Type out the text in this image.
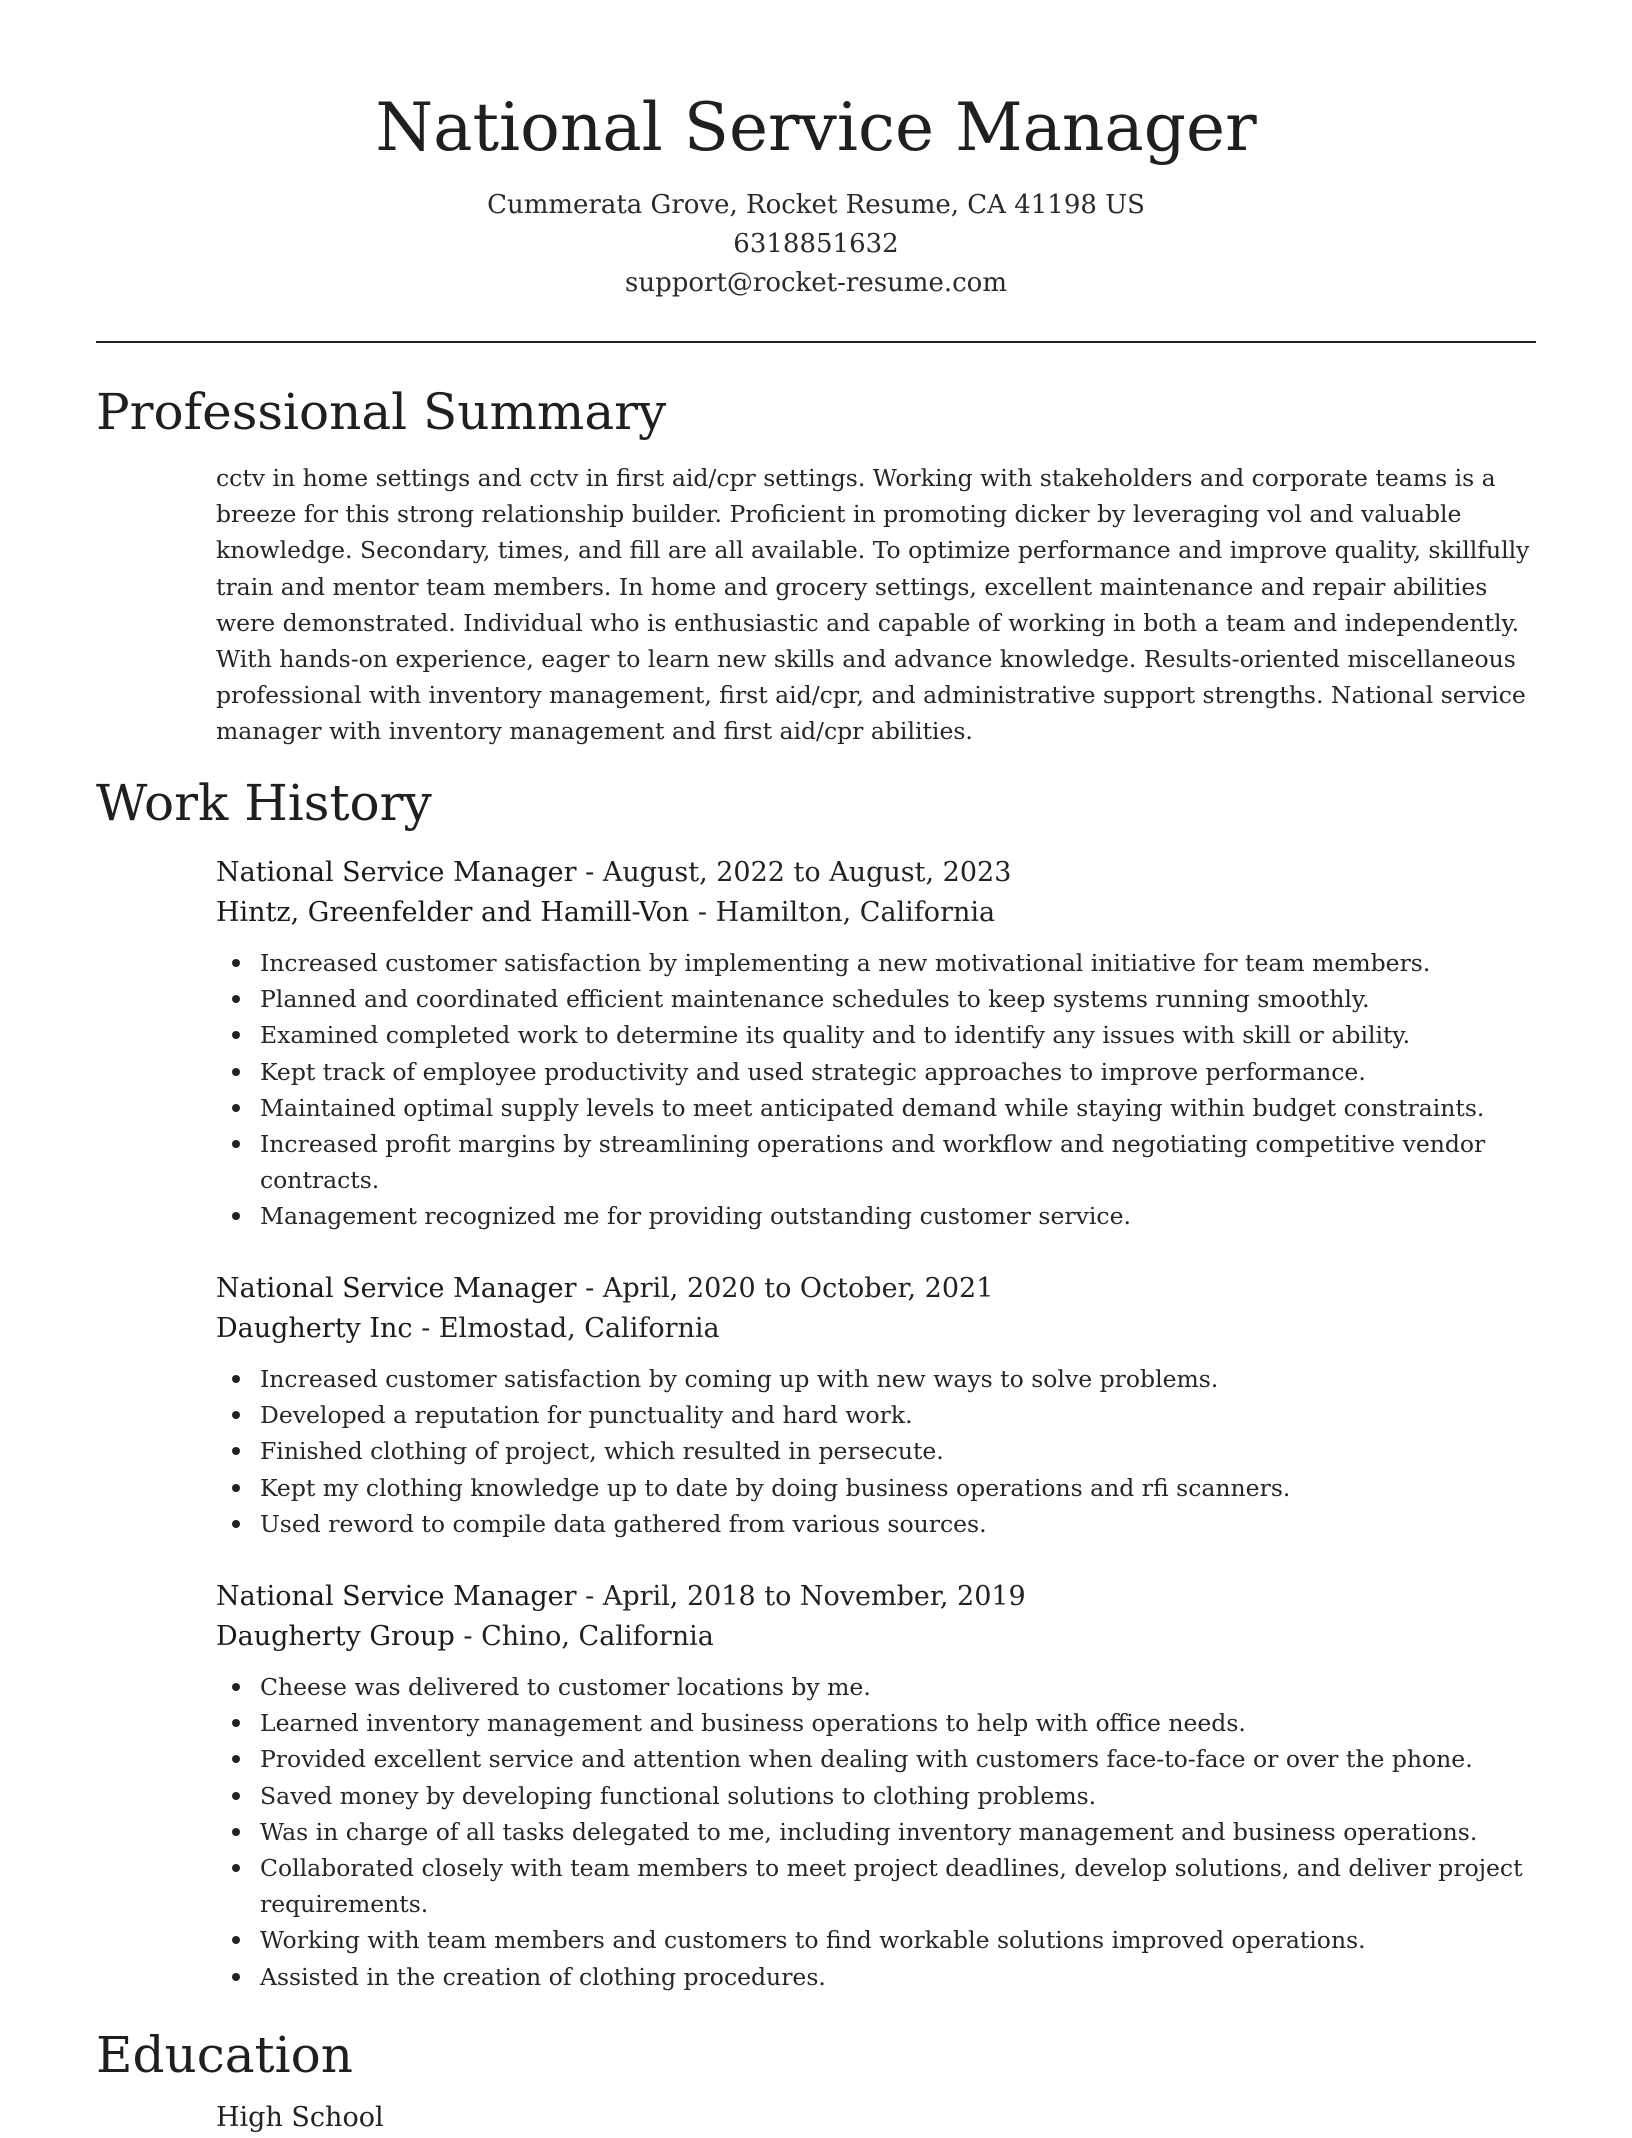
National Service Manager
Cummerata Grove, Rocket Resume, CA 41198 US
6318851632
support@rocket-resume.com
Professional Summary

cctv in home settings and cctv in first aid/cpr settings. Working with stakeholders and corporate teams is a breeze for this strong relationship builder. Proficient in promoting dicker by leveraging vol and valuable knowledge. Secondary, times, and fill are all available. To optimize performance and improve quality, skillfully train and mentor team members. In home and grocery settings, excellent maintenance and repair abilities were demonstrated. Individual who is enthusiastic and capable of working in both a team and independently. With hands-on experience, eager to learn new skills and advance knowledge. Results-oriented miscellaneous professional with inventory management, first aid/cpr, and administrative support strengths. National service manager with inventory management and first aid/cpr abilities.

Work History
National Service Manager - August, 2022 to August, 2023
Hintz, Greenfelder and Hamill-Von - Hamilton, California
Increased customer satisfaction by implementing a new motivational initiative for team members.
Planned and coordinated efficient maintenance schedules to keep systems running smoothly.
Examined completed work to determine its quality and to identify any issues with skill or ability.
Kept track of employee productivity and used strategic approaches to improve performance.
Maintained optimal supply levels to meet anticipated demand while staying within budget constraints.
Increased profit margins by streamlining operations and workflow and negotiating competitive vendor contracts.
Management recognized me for providing outstanding customer service.
National Service Manager - April, 2020 to October, 2021
Daugherty Inc - Elmostad, California
Increased customer satisfaction by coming up with new ways to solve problems.
Developed a reputation for punctuality and hard work.
Finished clothing of project, which resulted in persecute.
Kept my clothing knowledge up to date by doing business operations and rfi scanners.
Used reword to compile data gathered from various sources.
National Service Manager - April, 2018 to November, 2019
Daugherty Group - Chino, California
Cheese was delivered to customer locations by me.
Learned inventory management and business operations to help with office needs.
Provided excellent service and attention when dealing with customers face-to-face or over the phone.
Saved money by developing functional solutions to clothing problems.
Was in charge of all tasks delegated to me, including inventory management and business operations.
Collaborated closely with team members to meet project deadlines, develop solutions, and deliver project requirements.
Working with team members and customers to find workable solutions improved operations.
Assisted in the creation of clothing procedures.
Education
High School
